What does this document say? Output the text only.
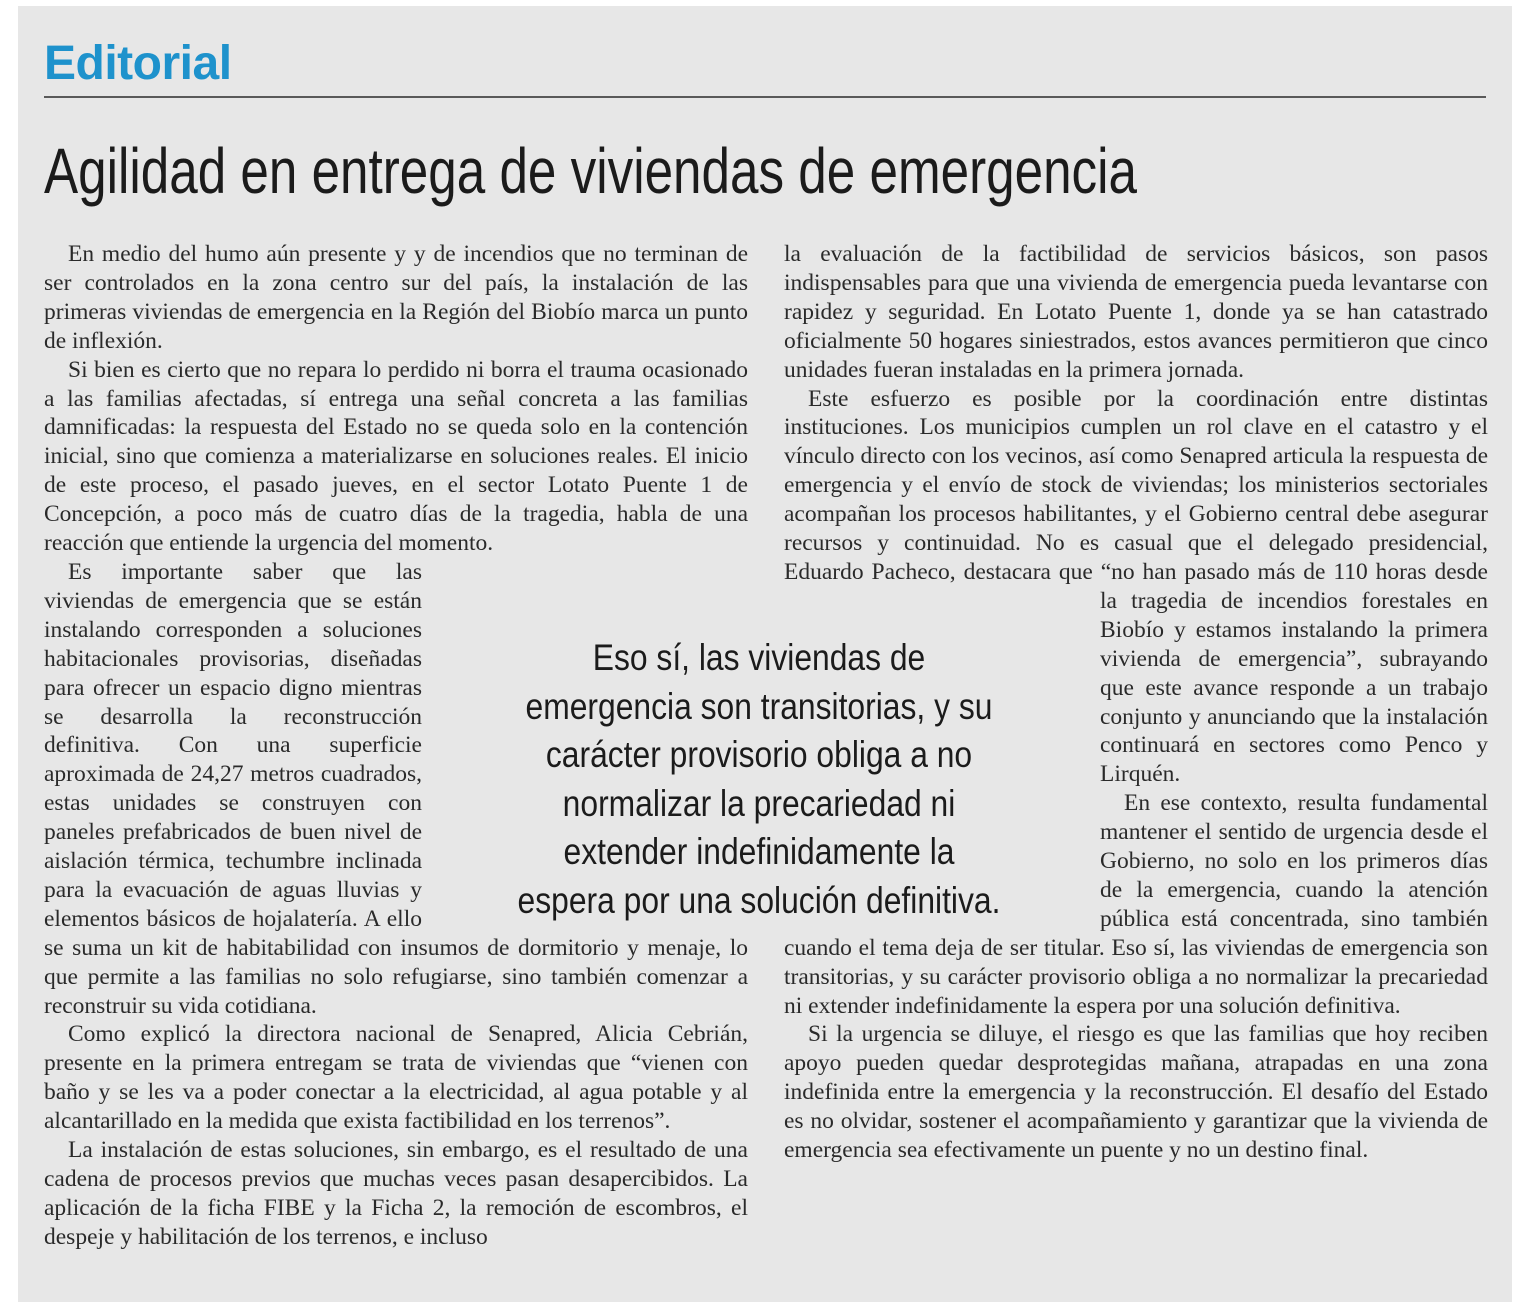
Editorial
Agilidad en entrega de viviendas de emergencia

En medio del humo aún presente y y de incendios que no terminan de ser controlados en la zona centro sur del país, la instalación de las primeras viviendas de emergencia en la Región del Biobío marca un punto de inflexión.

Si bien es cierto que no repara lo perdido ni borra el trauma ocasionado a las familias afectadas, sí entrega una señal concreta a las familias damnificadas: la respuesta del Estado no se queda solo en la contención inicial, sino que comienza a materializarse en soluciones reales. El inicio de este proceso, el pasado jueves, en el sector Lotato Puente 1 de Concepción, a poco más de cuatro días de la tragedia, habla de una reacción que entiende la urgencia del momento.

Es importante saber que las viviendas de emergencia que se están instalando corresponden a soluciones habitacionales provisorias, diseñadas para ofrecer un espacio digno mientras se desarrolla la reconstrucción definitiva. Con una superficie aproximada de 24,27 metros cuadrados, estas unidades se construyen con paneles prefabricados de buen nivel de aislación térmica, techumbre inclinada para la evacuación de aguas lluvias y elementos básicos de hojalatería. A ello se suma un kit de habitabilidad con insumos de dormitorio y menaje, lo que permite a las familias no solo refugiarse, sino también comenzar a reconstruir su vida cotidiana.

Como explicó la directora nacional de Senapred, Alicia Cebrián, presente en la primera entregam se trata de viviendas que “vienen con baño y se les va a poder conectar a la electricidad, al agua potable y al alcantarillado en la medida que exista factibilidad en los terrenos”.

La instalación de estas soluciones, sin embargo, es el resultado de una cadena de procesos previos que muchas veces pasan desapercibidos. La aplicación de la ficha FIBE y la Ficha 2, la remoción de escombros, el despeje y habilitación de los terrenos, e incluso

la evaluación de la factibilidad de servicios básicos, son pasos indispensables para que una vivienda de emergencia pueda levantarse con rapidez y seguridad. En Lotato Puente 1, donde ya se han catastrado oficialmente 50 hogares siniestrados, estos avances permitieron que cinco unidades fueran instaladas en la primera jornada.

Este esfuerzo es posible por la coordinación entre distintas instituciones. Los municipios cumplen un rol clave en el catastro y el vínculo directo con los vecinos, así como Senapred articula la respuesta de emergencia y el envío de stock de viviendas; los ministerios sectoriales acompañan los procesos habilitantes, y el Gobierno central debe asegurar recursos y continuidad. No es casual que el delegado presidencial, Eduardo Pacheco, destacara que “no han pasado más de 110 horas desde la tragedia de incendios forestales en Biobío y estamos instalando la primera vivienda de emergencia”, subrayando que este avance responde a un trabajo conjunto y anunciando que la instalación continuará en sectores como Penco y Lirquén.

En ese contexto, resulta fundamental mantener el sentido de urgencia desde el Gobierno, no solo en los primeros días de la emergencia, cuando la atención pública está concentrada, sino también cuando el tema deja de ser titular. Eso sí, las viviendas de emergencia son transitorias, y su carácter provisorio obliga a no normalizar la precariedad ni extender indefinidamente la espera por una solución definitiva.

Si la urgencia se diluye, el riesgo es que las familias que hoy reciben apoyo pueden quedar desprotegidas mañana, atrapadas en una zona indefinida entre la emergencia y la reconstrucción. El desafío del Estado es no olvidar, sostener el acompañamiento y garantizar que la vivienda de emergencia sea efectivamente un puente y no un destino final.

Eso sí, las viviendas de emergencia son transitorias, y su carácter provisorio obliga a no normalizar la precariedad ni extender indefinidamente la espera por una solución definitiva.
